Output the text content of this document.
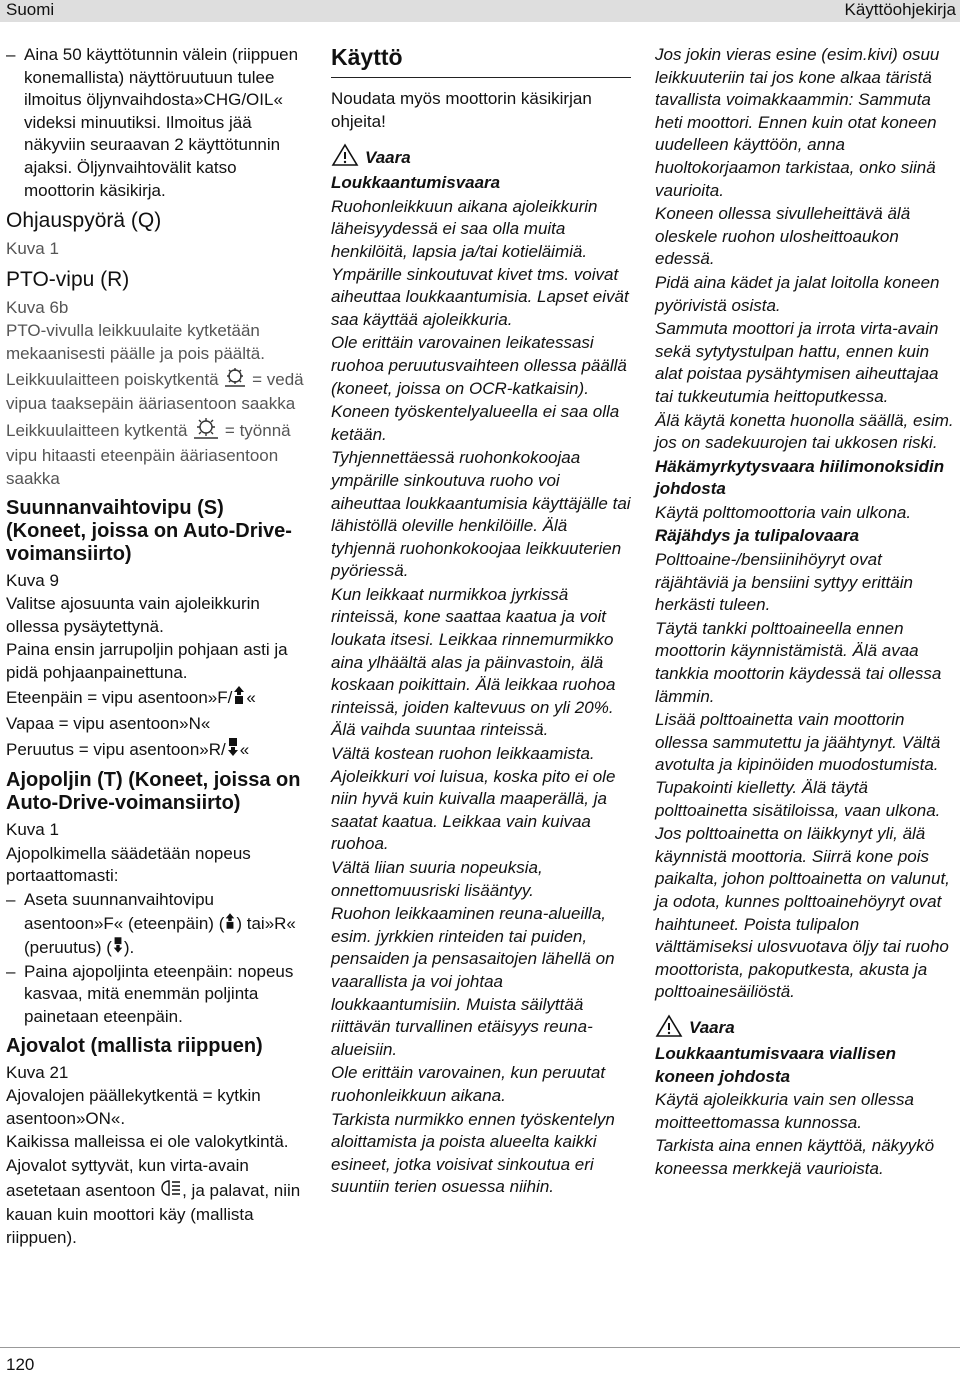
Suomi	Käyttöohjekirja
– Aina 50 käyttötunnin välein (riippuen konemallista) näyttöruutuun tulee ilmoitus öljynvaihdosta»CHG/OIL« videksi minuutiksi. Ilmoitus jää näkyviin seuraavan 2 käyttötunnin ajaksi. Öljynvaihtovälit katso moottorin käsikirja.
Ohjauspyörä (Q)

Kuva 1

PTO-vipu (R)

Kuva 6b

PTO-vivulla leikkuulaite kytketään mekaanisesti päälle ja pois päältä.

Leikkuulaitteen poiskytkentä = vedä vipua taaksepäin ääriasentoon saakka

Leikkuulaitteen kytkentä = työnnä vipu hitaasti eteenpäin ääriasentoon saakka

Suunnanvaihtovipu (S) (Koneet, joissa on Auto-Drive-voimansiirto)

Kuva 9

Valitse ajosuunta vain ajoleikkurin ollessa pysäytettynä.

Paina ensin jarrupoljin pohjaan asti ja pidä pohjaanpainettuna.

Eteenpäin = vipu asentoon»F/ «

Vapaa = vipu asentoon»N«

Peruutus = vipu asentoon»R/ «

Ajopoljin (T) (Koneet, joissa on Auto-Drive-voimansiirto)

Kuva 1

Ajopolkimella säädetään nopeus portaattomasti:

– Aseta suunnanvaihtovipu asentoon»F« (eteenpäin) ( ) tai»R« (peruutus) ( ).
– Paina ajopoljinta eteenpäin: nopeus kasvaa, mitä enemmän poljinta painetaan eteenpäin.
Ajovalot (mallista riippuen)

Kuva 21

Ajovalojen päällekytkentä = kytkin asentoon»ON«.

Kaikissa malleissa ei ole valokytkintä.

Ajovalot syttyvät, kun virta-avain asetetaan asentoon , ja palavat, niin kauan kuin moottori käy (mallista riippuen).

Käyttö

Noudata myös moottorin käsikirjan ohjeita!

Vaara

Loukkaantumisvaara

Ruohonleikkuun aikana ajoleikkurin läheisyydessä ei saa olla muita henkilöitä, lapsia ja/tai kotieläimiä. Ympärille sinkoutuvat kivet tms. voivat aiheuttaa loukkaantumisia. Lapset eivät saa käyttää ajoleikkuria.

Ole erittäin varovainen leikatessasi ruohoa peruutusvaihteen ollessa päällä (koneet, joissa on OCR-katkaisin).

Koneen työskentelyalueella ei saa olla ketään.

Tyhjennettäessä ruohonkokoojaa ympärille sinkoutuva ruoho voi aiheuttaa loukkaantumisia käyttäjälle tai lähistöllä oleville henkilöille. Älä tyhjennä ruohonkokoojaa leikkuuterien pyöriessä.

Kun leikkaat nurmikkoa jyrkissä rinteissä, kone saattaa kaatua ja voit loukata itsesi. Leikkaa rinnemurmikko aina ylhäältä alas ja päinvastoin, älä koskaan poikittain. Älä leikkaa ruohoa rinteissä, joiden kaltevuus on yli 20%. Älä vaihda suuntaa rinteissä.

Vältä kostean ruohon leikkaamista. Ajoleikkuri voi luisua, koska pito ei ole niin hyvä kuin kuivalla maaperällä, ja saatat kaatua. Leikkaa vain kuivaa ruohoa.

Vältä liian suuria nopeuksia, onnettomuusriski lisääntyy.

Ruohon leikkaaminen reuna-alueilla, esim. jyrkkien rinteiden tai puiden, pensaiden ja pensasaitojen lähellä on vaarallista ja voi johtaa loukkaantumisiin. Muista säilyttää riittävän turvallinen etäisyys reuna-alueisiin.

Ole erittäin varovainen, kun peruutat ruohonleikkuun aikana.

Tarkista nurmikko ennen työskentelyn aloittamista ja poista alueelta kaikki esineet, jotka voisivat sinkoutua eri suuntiin terien osuessa niihin.

Jos jokin vieras esine (esim.kivi) osuu leikkuuteriin tai jos kone alkaa täristä tavallista voimakkaammin: Sammuta heti moottori. Ennen kuin otat koneen uudelleen käyttöön, anna huoltokorjaamon tarkistaa, onko siinä vaurioita.

Koneen ollessa sivulleheittävä älä oleskele ruohon ulosheittoaukon edessä.

Pidä aina kädet ja jalat loitolla koneen pyörivistä osista.

Sammuta moottori ja irrota virta-avain sekä sytytystulpan hattu, ennen kuin alat poistaa pysähtymisen aiheuttajaa tai tukkeutumia heittoputkessa.

Älä käytä konetta huonolla säällä, esim. jos on sadekuurojen tai ukkosen riski.

Häkämyrkytysvaara hiilimonoksidin johdosta

Käytä polttomoottoria vain ulkona.

Räjähdys ja tulipalovaara

Polttoaine-/bensiinihöyryt ovat räjähtäviä ja bensiini syttyy erittäin herkästi tuleen.

Täytä tankki polttoaineella ennen moottorin käynnistämistä. Älä avaa tankkia moottorin käydessä tai ollessa lämmin.

Lisää polttoainetta vain moottorin ollessa sammutettu ja jäähtynyt. Vältä avotulta ja kipinöiden muodostumista. Tupakointi kielletty. Älä täytä polttoainetta sisätiloissa, vaan ulkona.

Jos polttoainetta on läikkynyt yli, älä käynnistä moottoria. Siirrä kone pois paikalta, johon polttoainetta on valunut, ja odota, kunnes polttoainehöyryt ovat haihtuneet. Poista tulipalon välttämiseksi ulosvuotava öljy tai ruoho moottorista, pakoputkesta, akusta ja polttoainesäiliöstä.

Vaara

Loukkaantumisvaara viallisen koneen johdosta

Käytä ajoleikkuria vain sen ollessa moitteettomassa kunnossa.

Tarkista aina ennen käyttöä, näkyykö koneessa merkkejä vaurioista.

120
